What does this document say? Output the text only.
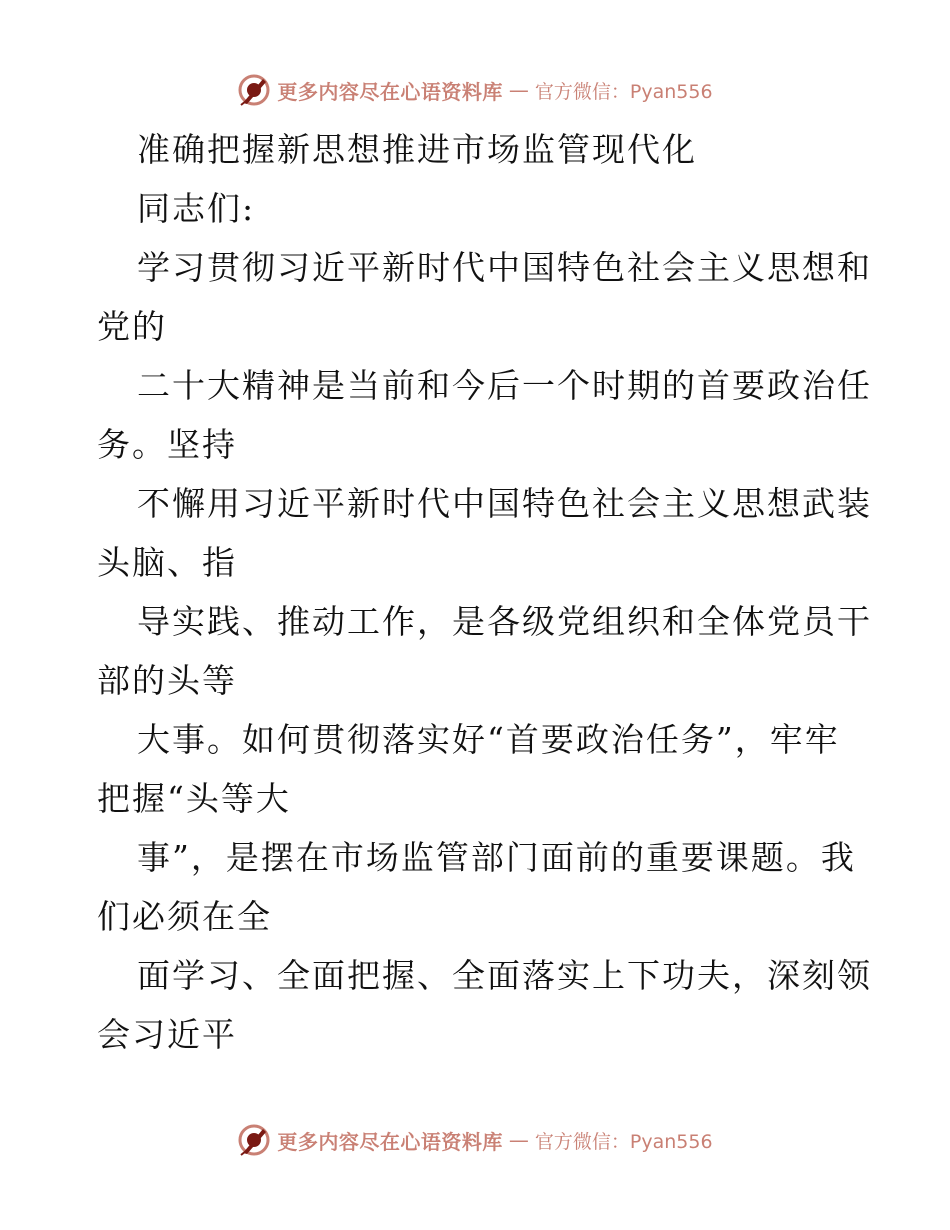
更多内容尽在心语资料库 — 官方微信：Pyan556
准确把握新思想推进市场监管现代化
同志们:
学习贯彻习近平新时代中国特色社会主义思想和
党的
二十大精神是当前和今后一个时期的首要政治任
务。坚持
不懈用习近平新时代中国特色社会主义思想武装
头脑、指
导实践、推动工作，是各级党组织和全体党员干
部的头等
大事。如何贯彻落实好“首要政治任务”，牢牢
把握“头等大
事”，是摆在市场监管部门面前的重要课题。我
们必须在全
面学习、全面把握、全面落实上下功夫，深刻领
会习近平
更多内容尽在心语资料库 — 官方微信：Pyan556
